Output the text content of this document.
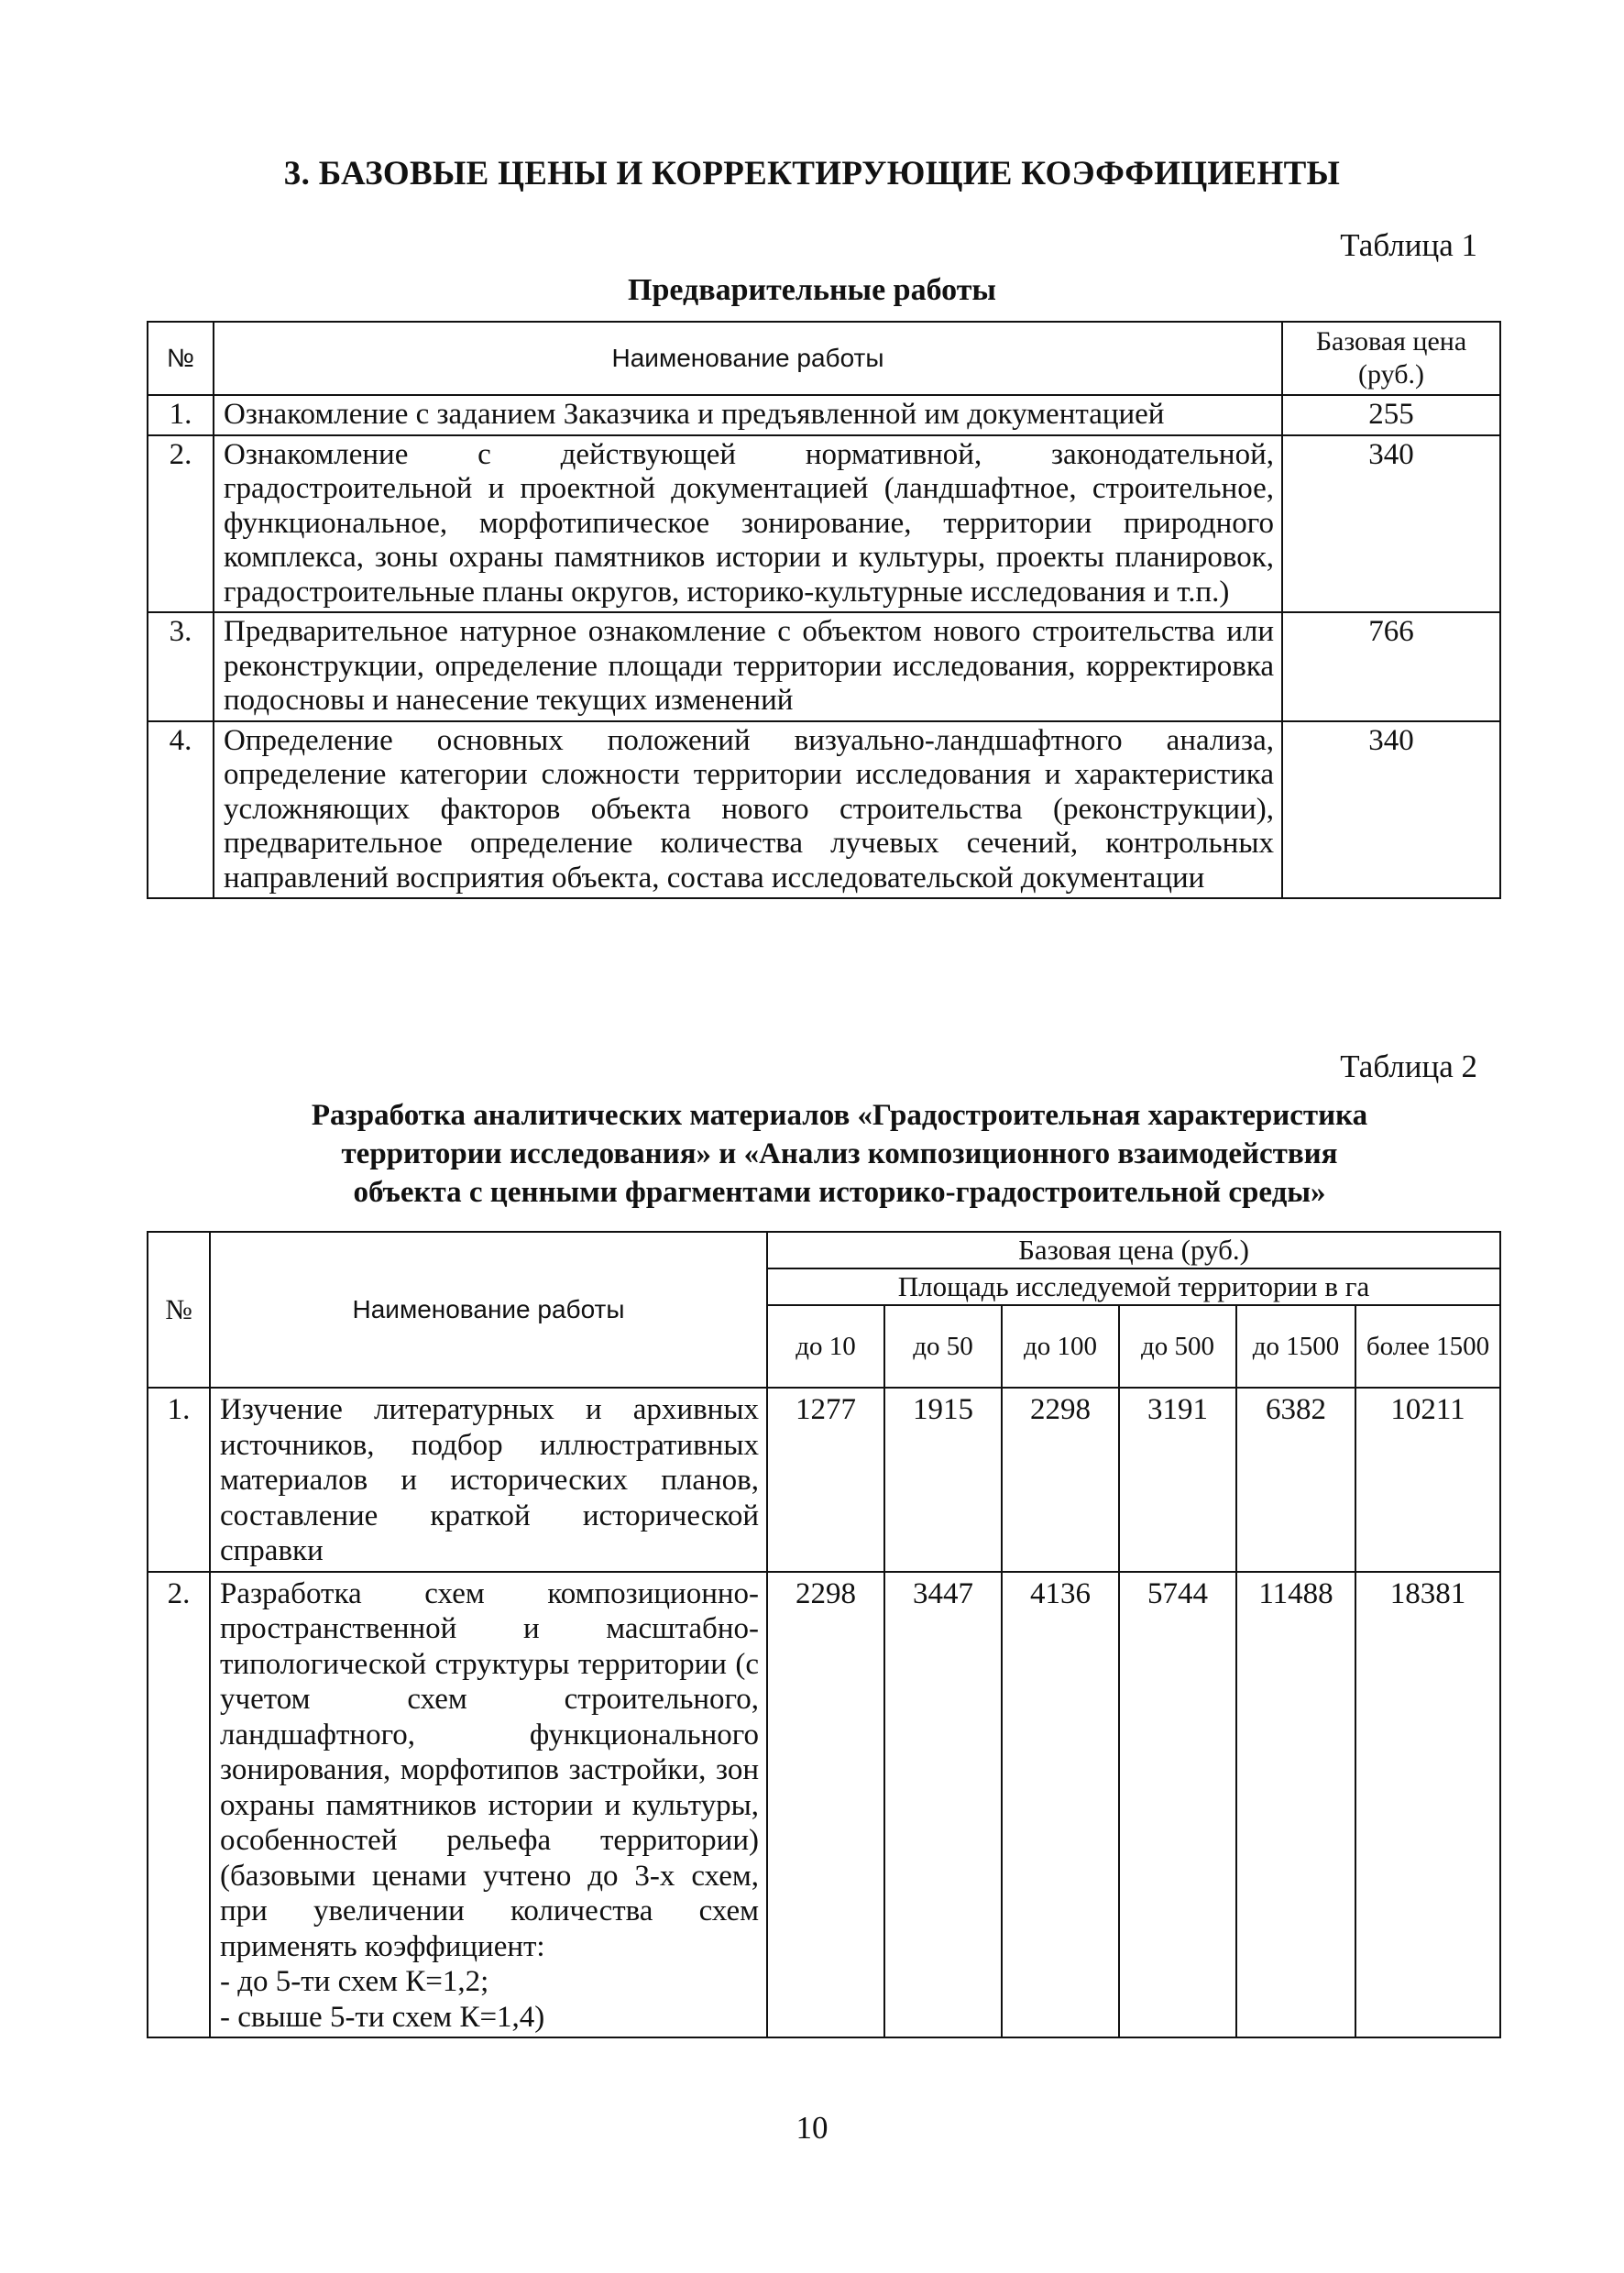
3. БАЗОВЫЕ ЦЕНЫ И КОРРЕКТИРУЮЩИЕ КОЭФФИЦИЕНТЫ
Таблица 1
Предварительные работы
№	Наименование работы	Базовая цена (руб.)
1.	Ознакомление с заданием Заказчика и предъявленной им документацией	255
2.	Ознакомление с действующей нормативной, законодательной, градостроительной и проектной документацией (ландшафтное, строительное, функциональное, морфотипическое зонирование, территории природного комплекса, зоны охраны памятников истории и культуры, проекты планировок, градостроительные планы округов, историко-культурные исследования и т.п.)	340
3.	Предварительное натурное ознакомление с объектом нового строительства или реконструкции, определение площади территории исследования, корректировка подосновы и нанесение текущих изменений	766
4.	Определение основных положений визуально-ландшафтного анализа, определение категории сложности территории исследования и характеристика усложняющих факторов объекта нового строительства (реконструкции), предварительное определение количества лучевых сечений, контрольных направлений восприятия объекта, состава исследовательской документации	340
Таблица 2
Разработка аналитических материалов «Градостроительная характеристика
территории исследования» и «Анализ композиционного взаимодействия
объекта с ценными фрагментами историко-градостроительной среды»
№	Наименование работы	Базовая цена (руб.)					
		Площадь исследуемой территории в га					
		до 10	до 50	до 100	до 500	до 1500	более 1500
1.	Изучение литературных и архивных источников, подбор иллюстративных материалов и исторических планов, составление краткой исторической справки	1277	1915	2298	3191	6382	10211
2.	Разработка схем композиционно-пространственной и масштабно-типологической структуры территории (с учетом схем строительного, ландшафтного, функционального зонирования, морфотипов застройки, зон охраны памятников истории и культуры, особенностей рельефа территории) (базовыми ценами учтено до 3-х схем, при увеличении количества схем применять коэффициент:
- до 5-ти схем К=1,2;
- свыше 5-ти схем К=1,4)	2298	3447	4136	5744	11488	18381
10
